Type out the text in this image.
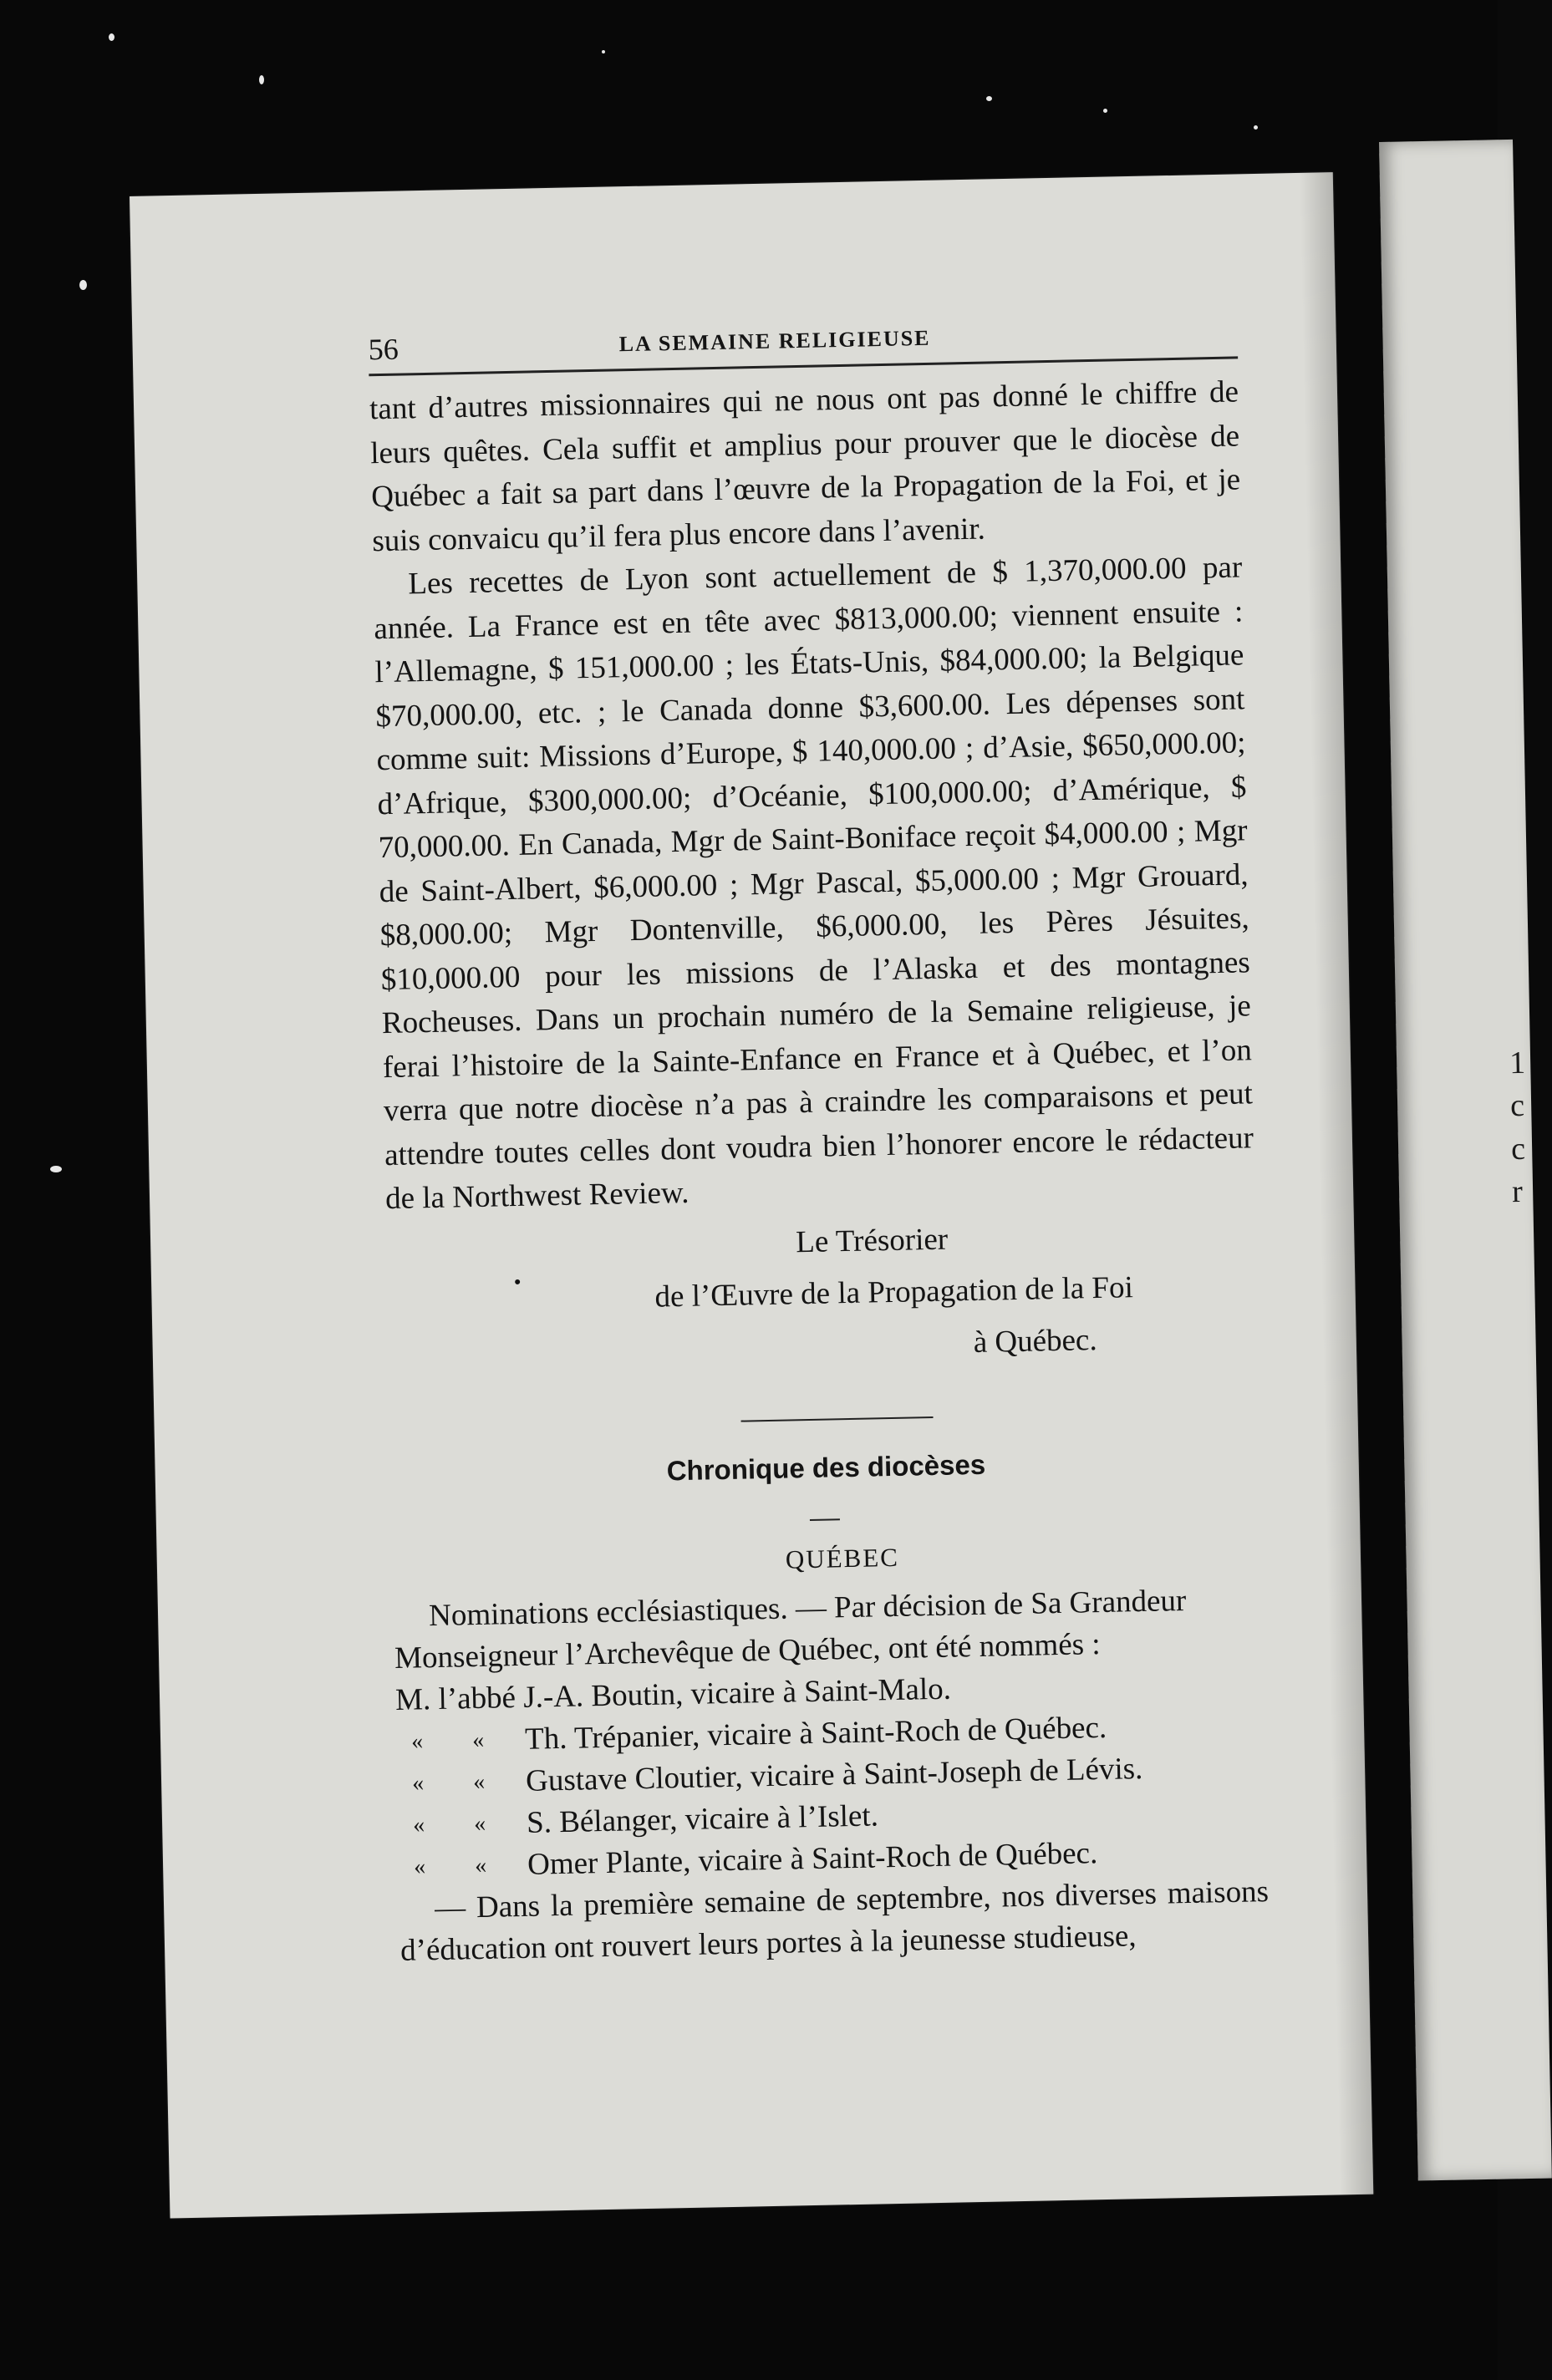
1
c
c
r
56	LA SEMAINE RELIGIEUSE

tant d’autres missionnaires qui ne nous ont pas donné le chiffre de leurs quêtes. Cela suffit et amplius pour prouver que le diocèse de Québec a fait sa part dans l’œuvre de la Propagation de la Foi, et je suis convaicu qu’il fera plus encore dans l’avenir.

Les recettes de Lyon sont actuellement de $ 1,370,000.00 par année. La France est en tête avec $813,000.00; viennent ensuite : l’Allemagne, $ 151,000.00 ; les États-Unis, $84,000.00; la Belgique $70,000.00, etc. ; le Canada donne $3,600.00. Les dépenses sont comme suit: Missions d’Europe, $ 140,000.00 ; d’Asie, $650,000.00; d’Afrique, $300,000.00; d’Océanie, $100,000.00; d’Amérique, $ 70,000.00. En Canada, Mgr de Saint-Boniface reçoit $4,000.00 ; Mgr de Saint-Albert, $6,000.00 ; Mgr Pascal, $5,000.00 ; Mgr Grouard, $8,000.00; Mgr Dontenville, $6,000.00, les Pères Jésuites, $10,000.00 pour les missions de l’Alaska et des montagnes Rocheuses. Dans un prochain numéro de la Semaine religieuse, je ferai l’histoire de la Sainte-Enfance en France et à Québec, et l’on verra que notre diocèse n’a pas à craindre les comparaisons et peut attendre toutes celles dont voudra bien l’honorer encore le rédacteur de la Northwest Review.

Le Trésorier
de l’Œuvre de la Propagation de la Foi
à Québec.
Chronique des diocèses
QUÉBEC

Nominations ecclésiastiques. — Par décision de Sa Grandeur Monseigneur l’Archevêque de Québec, ont été nommés :

M. l’abbé J.-A. Boutin, vicaire à Saint-Malo.

« « Th. Trépanier, vicaire à Saint-Roch de Québec.
« « Gustave Cloutier, vicaire à Saint-Joseph de Lévis.
« « S. Bélanger, vicaire à l’Islet.
« « Omer Plante, vicaire à Saint-Roch de Québec.

— Dans la première semaine de septembre, nos diverses maisons d’éducation ont rouvert leurs portes à la jeunesse studieuse,
